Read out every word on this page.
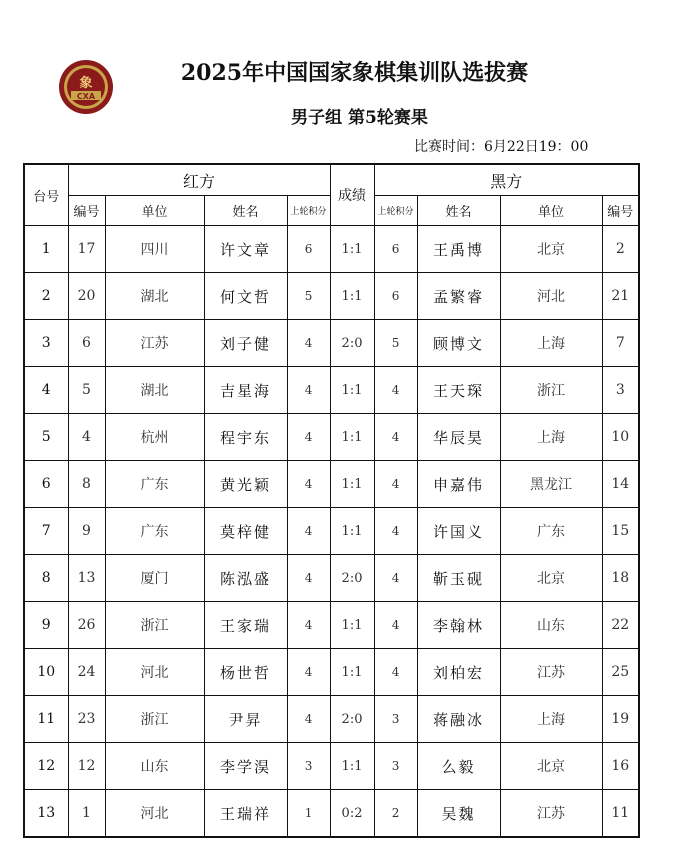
象
CXA
2025年中国国家象棋集训队选拔赛
男子组 第5轮赛果
比赛时间：6月22日19：00
台号	红方				成绩	黑方			
	编号	单位	姓名	上轮积分		上轮积分	姓名	单位	编号
1	17	四川	许文章	6	1:1	6	王禹博	北京	2
2	20	湖北	何文哲	5	1:1	6	孟繁睿	河北	21
3	6	江苏	刘子健	4	2:0	5	顾博文	上海	7
4	5	湖北	吉星海	4	1:1	4	王天琛	浙江	3
5	4	杭州	程宇东	4	1:1	4	华辰昊	上海	10
6	8	广东	黄光颖	4	1:1	4	申嘉伟	黑龙江	14
7	9	广东	莫梓健	4	1:1	4	许国义	广东	15
8	13	厦门	陈泓盛	4	2:0	4	靳玉砚	北京	18
9	26	浙江	王家瑞	4	1:1	4	李翰林	山东	22
10	24	河北	杨世哲	4	1:1	4	刘柏宏	江苏	25
11	23	浙江	尹昇	4	2:0	3	蒋融冰	上海	19
12	12	山东	李学淏	3	1:1	3	么毅	北京	16
13	1	河北	王瑞祥	1	0:2	2	吴魏	江苏	11
